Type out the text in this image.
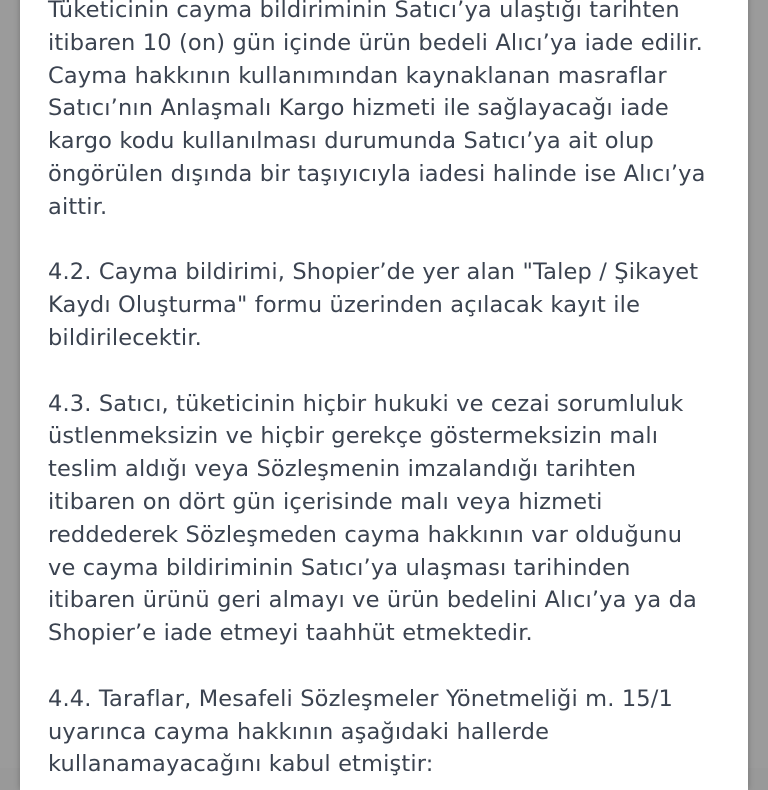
Tüketicinin cayma bildiriminin Satıcı’ya ulaştığı tarihten
itibaren 10 (on) gün içinde ürün bedeli Alıcı’ya iade edilir.
Cayma hakkının kullanımından kaynaklanan masraflar
Satıcı’nın Anlaşmalı Kargo hizmeti ile sağlayacağı iade
kargo kodu kullanılması durumunda Satıcı’ya ait olup
öngörülen dışında bir taşıyıcıyla iadesi halinde ise Alıcı’ya
aittir.

4.2. Cayma bildirimi, Shopier’de yer alan "Talep / Şikayet
Kaydı Oluşturma" formu üzerinden açılacak kayıt ile
bildirilecektir.

4.3. Satıcı, tüketicinin hiçbir hukuki ve cezai sorumluluk
üstlenmeksizin ve hiçbir gerekçe göstermeksizin malı
teslim aldığı veya Sözleşmenin imzalandığı tarihten
itibaren on dört gün içerisinde malı veya hizmeti
reddederek Sözleşmeden cayma hakkının var olduğunu
ve cayma bildiriminin Satıcı’ya ulaşması tarihinden
itibaren ürünü geri almayı ve ürün bedelini Alıcı’ya ya da
Shopier’e iade etmeyi taahhüt etmektedir.

4.4. Taraflar, Mesafeli Sözleşmeler Yönetmeliği m. 15/1
uyarınca cayma hakkının aşağıdaki hallerde
kullanamayacağını kabul etmiştir:
